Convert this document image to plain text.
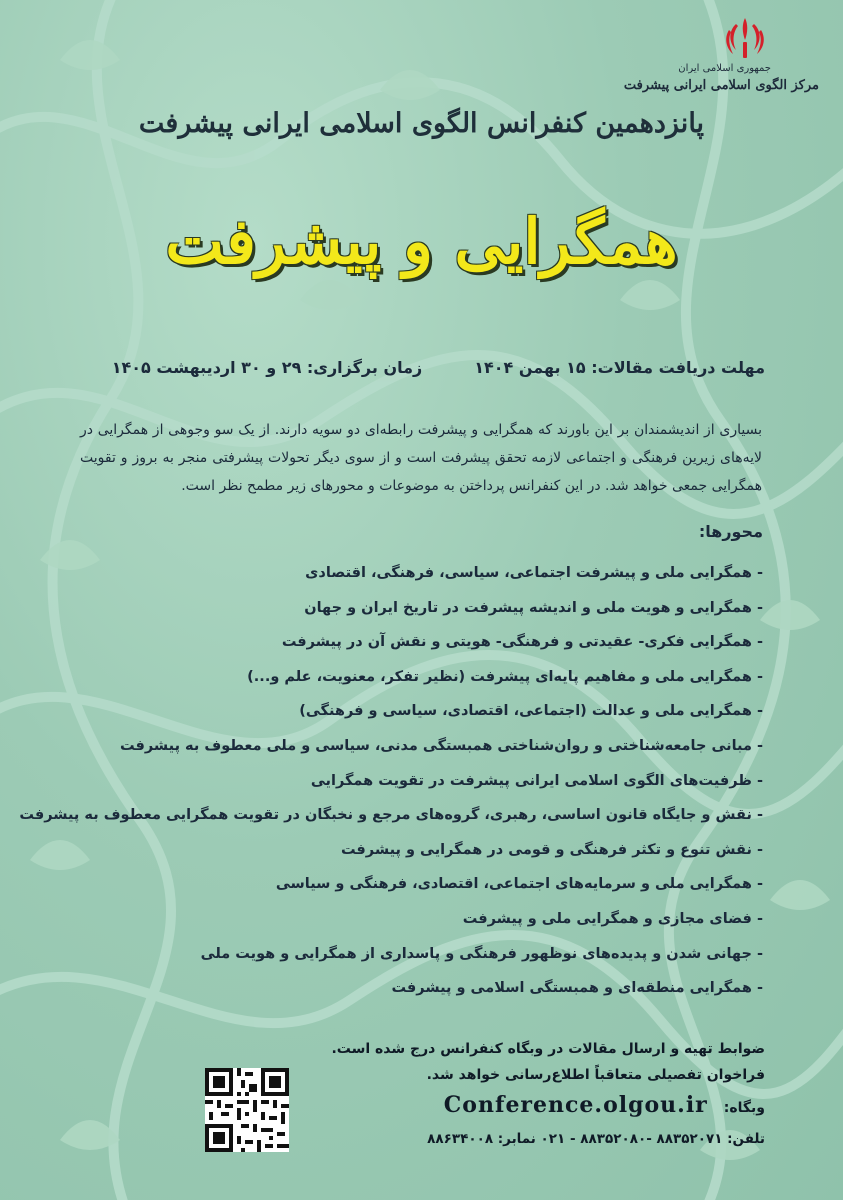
جمهوری اسلامی ایران
مرکز الگوی اسلامی ایرانی پیشرفت
پانزدهمین کنفرانس الگوی اسلامی ایرانی پیشرفت
همگرایی و پیشرفت
مهلت دریافت مقالات: ۱۵ بهمن ۱۴۰۴زمان برگزاری: ۲۹ و ۳۰ اردیبهشت ۱۴۰۵
بسیاری از اندیشمندان بر این باورند که همگرایی و پیشرفت رابطه‌ای دو سویه دارند. از یک سو وجوهی از همگرایی در لایه‌های زیرین فرهنگی و اجتماعی لازمه تحقق پیشرفت است و از سوی دیگر تحولات پیشرفتی منجر به بروز و تقویت همگرایی جمعی خواهد شد. در این کنفرانس پرداختن به موضوعات و محورهای زیر مطمح نظر است.
محورها:
- همگرایی ملی و پیشرفت اجتماعی، سیاسی، فرهنگی، اقتصادی
- همگرایی و هویت ملی و اندیشه پیشرفت در تاریخ ایران و جهان
- همگرایی فکری- عقیدتی و فرهنگی- هویتی و نقش آن در پیشرفت
- همگرایی ملی و مفاهیم پایه‌ای پیشرفت (نظیر تفکر، معنویت، علم و...)
- همگرایی ملی و عدالت (اجتماعی، اقتصادی، سیاسی و فرهنگی)
- مبانی جامعه‌شناختی و روان‌شناختی همبستگی مدنی، سیاسی و ملی معطوف به پیشرفت
- ظرفیت‌های الگوی اسلامی ایرانی پیشرفت در تقویت همگرایی
- نقش و جایگاه قانون اساسی، رهبری، گروه‌های مرجع و نخبگان در تقویت همگرایی معطوف به پیشرفت
- نقش تنوع و تکثر فرهنگی و قومی در همگرایی و پیشرفت
- همگرایی ملی و سرمایه‌های اجتماعی، اقتصادی، فرهنگی و سیاسی
- فضای مجازی و همگرایی ملی و پیشرفت
- جهانی شدن و پدیده‌های نوظهور فرهنگی و پاسداری از همگرایی و هویت ملی
- همگرایی منطقه‌ای و همبستگی اسلامی و پیشرفت
ضوابط تهیه و ارسال مقالات در وبگاه کنفرانس درج شده است.
فراخوان تفصیلی متعاقباً اطلاع‌رسانی خواهد شد.
وبگاه:Conference.olgou.ir
تلفن: ۸۸۳۵۲۰۷۱ -۸۸۳۵۲۰۸۰ - ۰۲۱ نمابر: ۸۸۶۳۴۰۰۸
